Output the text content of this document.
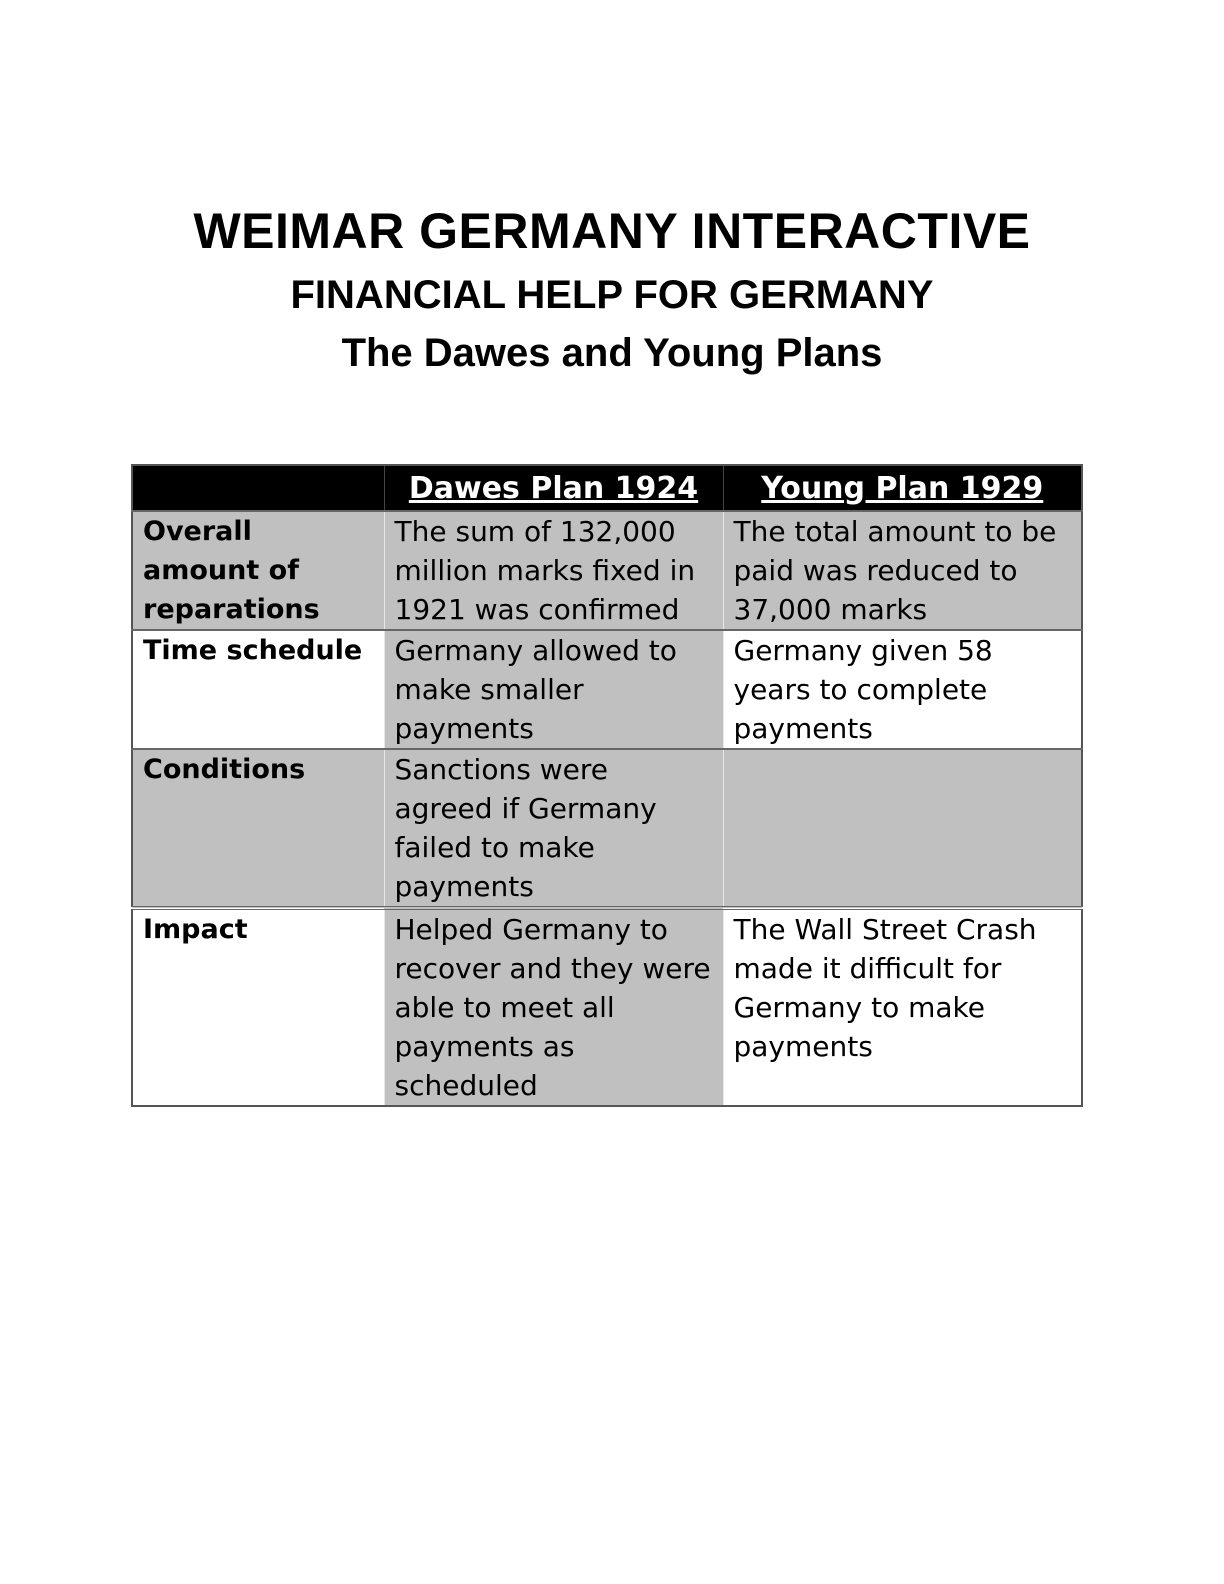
WEIMAR GERMANY INTERACTIVE
FINANCIAL HELP FOR GERMANY
The Dawes and Young Plans
	Dawes Plan 1924	Young Plan 1929
Overall amount of reparations	The sum of 132,000 million marks fixed in 1921 was confirmed	The total amount to be paid was reduced to 37,000 marks
Time schedule	Germany allowed to make smaller payments	Germany given 58 years to complete payments
Conditions	Sanctions were agreed if Germany failed to make payments	
Impact	Helped Germany to recover and they were able to meet all payments as scheduled	The Wall Street Crash made it difficult for Germany to make payments
